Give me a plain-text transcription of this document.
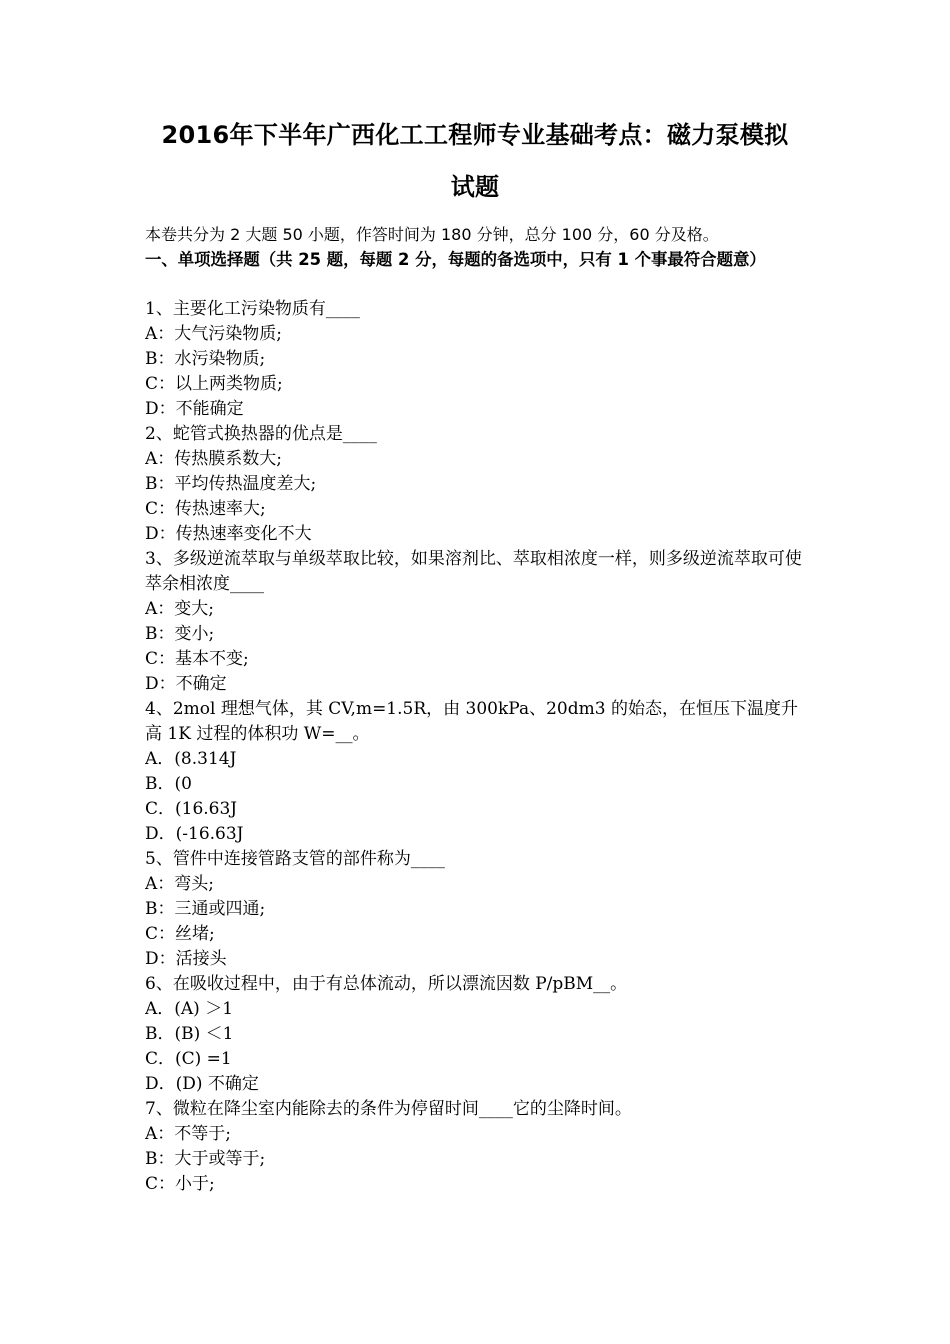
2016年下半年广西化工工程师专业基础考点：磁力泵模拟
试题
本卷共分为 2 大题 50 小题，作答时间为 180 分钟，总分 100 分，60 分及格。
一、单项选择题（共 25 题，每题 2 分，每题的备选项中，只有 1 个事最符合题意）
1、主要化工污染物质有____
A：大气污染物质;
B：水污染物质;
C：以上两类物质;
D：不能确定
2、蛇管式换热器的优点是____
A：传热膜系数大;
B：平均传热温度差大;
C：传热速率大;
D：传热速率变化不大
3、多级逆流萃取与单级萃取比较，如果溶剂比、萃取相浓度一样，则多级逆流萃取可使萃余相浓度____
A：变大;
B：变小;
C：基本不变;
D：不确定
4、2mol 理想气体，其 CV,m=1.5R，由 300kPa、20dm3 的始态，在恒压下温度升高 1K 过程的体积功 W=__。
A．(8.314J
B．(0
C．(16.63J
D．(-16.63J
5、管件中连接管路支管的部件称为____
A：弯头;
B：三通或四通;
C：丝堵;
D：活接头
6、在吸收过程中，由于有总体流动，所以漂流因数 P/pBM__。
A．(A) ＞1
B．(B) ＜1
C．(C) =1
D．(D) 不确定
7、微粒在降尘室内能除去的条件为停留时间____它的尘降时间。
A：不等于;
B：大于或等于;
C：小于;
